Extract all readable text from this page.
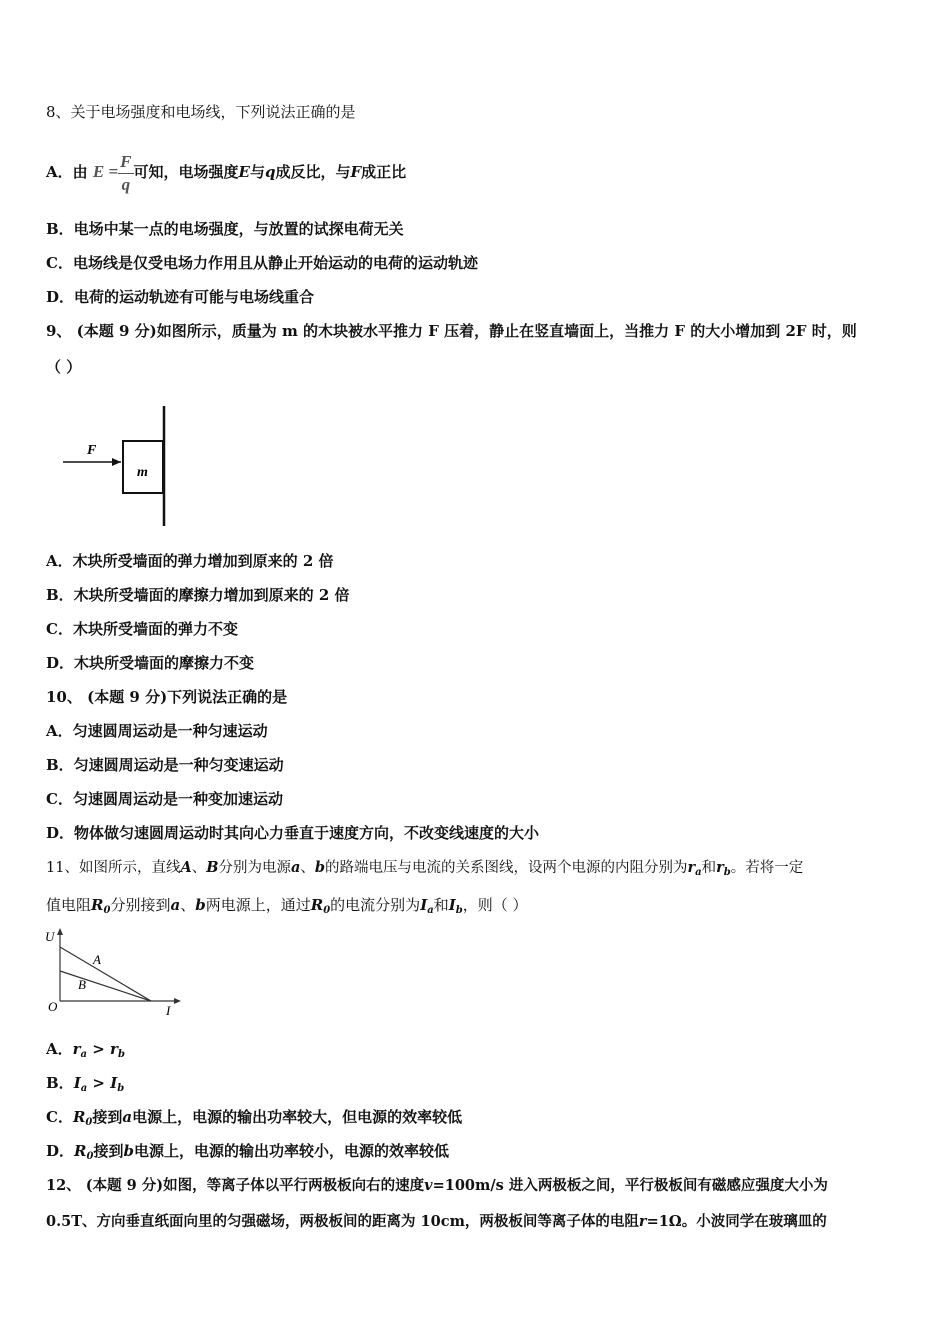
8、关于电场强度和电场线，下列说法正确的是
A．由 $E = \frac{F}{q}$ 可知，电场强度E与q成反比，与F成正比
B．电场中某一点的电场强度，与放置的试探电荷无关
C．电场线是仅受电场力作用且从静止开始运动的电荷的运动轨迹
D．电荷的运动轨迹有可能与电场线重合
9、 (本题 9 分)如图所示，质量为 m 的木块被水平推力 F 压着，静止在竖直墙面上，当推力 F 的大小增加到 2F 时，则
（ ）
F
m
A．木块所受墙面的弹力增加到原来的 2 倍
B．木块所受墙面的摩擦力增加到原来的 2 倍
C．木块所受墙面的弹力不变
D．木块所受墙面的摩擦力不变
10、 (本题 9 分)下列说法正确的是
A．匀速圆周运动是一种匀速运动
B．匀速圆周运动是一种匀变速运动
C．匀速圆周运动是一种变加速运动
D．物体做匀速圆周运动时其向心力垂直于速度方向，不改变线速度的大小
11、如图所示，直线A、B分别为电源a、b的路端电压与电流的关系图线，设两个电源的内阻分别为$r_a$和$r_b$。若将一定
值电阻$R_0$分别接到a、b两电源上，通过$R_0$的电流分别为$I_a$和$I_b$，则（ ）
U
O	I
A
B
A．$r_a > r_b$
B．$I_a > I_b$
C．$R_0$接到a电源上，电源的输出功率较大，但电源的效率较低
D．$R_0$接到b电源上，电源的输出功率较小，电源的效率较低
12、 (本题 9 分)如图，等离子体以平行两极板向右的速度v=100m/s 进入两极板之间，平行极板间有磁感应强度大小为
0.5T、方向垂直纸面向里的匀强磁场，两极板间的距离为 10cm，两极板间等离子体的电阻r=1Ω。小波同学在玻璃皿的
